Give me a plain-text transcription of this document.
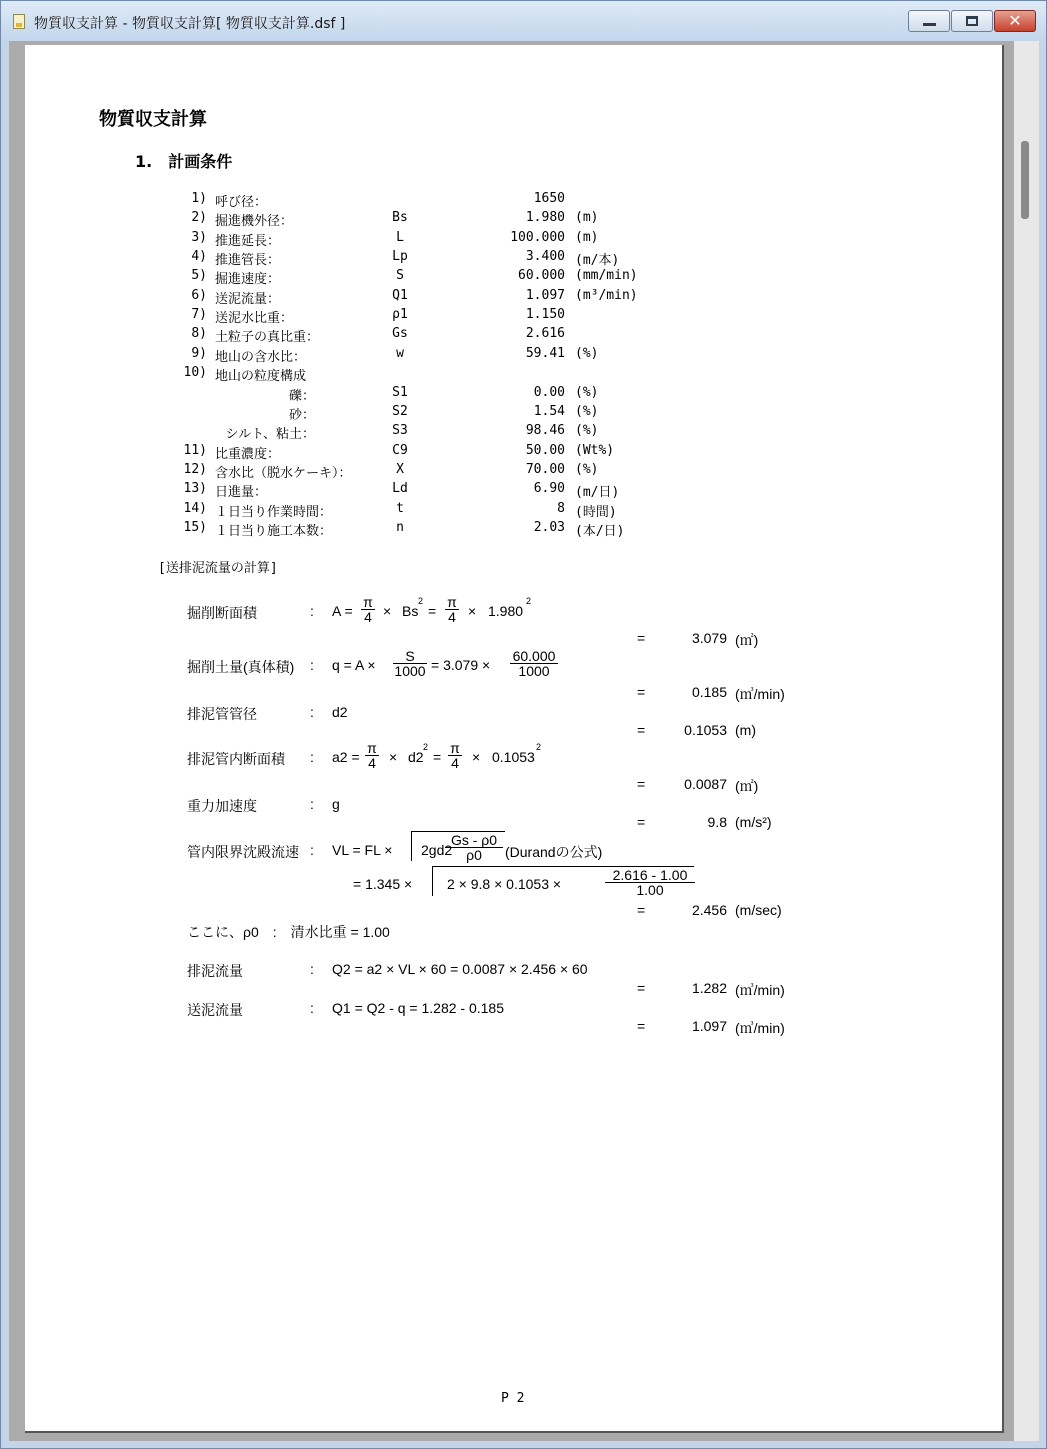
物質収支計算 - 物質収支計算[ 物質収支計算.dsf ]	✕
物質収支計算
1.　計画条件
1) 呼び径：	1650
2) 掘進機外径：	Bs	1.980 (m)
3) 推進延長：	L	100.000 (m)
4) 推進管長：	Lp	3.400 (m/本)
5) 掘進速度：	S	60.000 (mm/min)
6) 送泥流量：	Q1	1.097 (m³/min)
7) 送泥水比重：	ρ1	1.150
8) 土粒子の真比重：	Gs	2.616
9) 地山の含水比：	w	59.41 (%)
10) 地山の粒度構成
礫：	S1	0.00 (%)
砂：	S2	1.54 (%)
シルト、粘土：	S3	98.46 (%)
11) 比重濃度：	C9	50.00 (Wt%)
12) 含水比（脱水ケーキ）：	X	70.00 (%)
13) 日進量：	Ld	6.90 (m/日)
14) １日当り作業時間：	t	8 (時間)
15) １日当り施工本数：	n	2.03 (本/日)
[送排泥流量の計算]
掘削断面積	: $A = \frac{\pi}{4} \times Bs$
2
= $\frac{\pi}{4} \times 1.980$
2
=	3.079 (㎡)
掘削土量(真体積) : $q = A \times \frac{S}{1000} = 3.079 \times \frac{60.000}{1000}$
=	0.185 (㎥/min)
排泥管管径	: d2
=	0.1053 (m)
排泥管内断面積 : $a2 = \frac{\pi}{4} \times d2$
2
= $\frac{\pi}{4} \times 0.1053$
2
=	0.0087 (㎡)
重力加速度	: g
=	9.8 (m/s²)
管内限界沈殿流速 : VL = FL × 2gd2
$\frac{Gs - \rho 0}{\rho 0}$ (Durandの公式)
= 1.345 × 2 × 9.8 × 0.1053 ×	$\frac{2.616 - 1.00}{1.00}$
=	2.456 (m/sec)
ここに、ρ0　:　清水比重 = 1.00
排泥流量	: Q2 = a2 × VL × 60 = 0.0087 × 2.456 × 60
=	1.282 (㎥/min)
送泥流量	: Q1 = Q2 - q = 1.282 - 0.185
=	1.097 (㎥/min)
P 2
